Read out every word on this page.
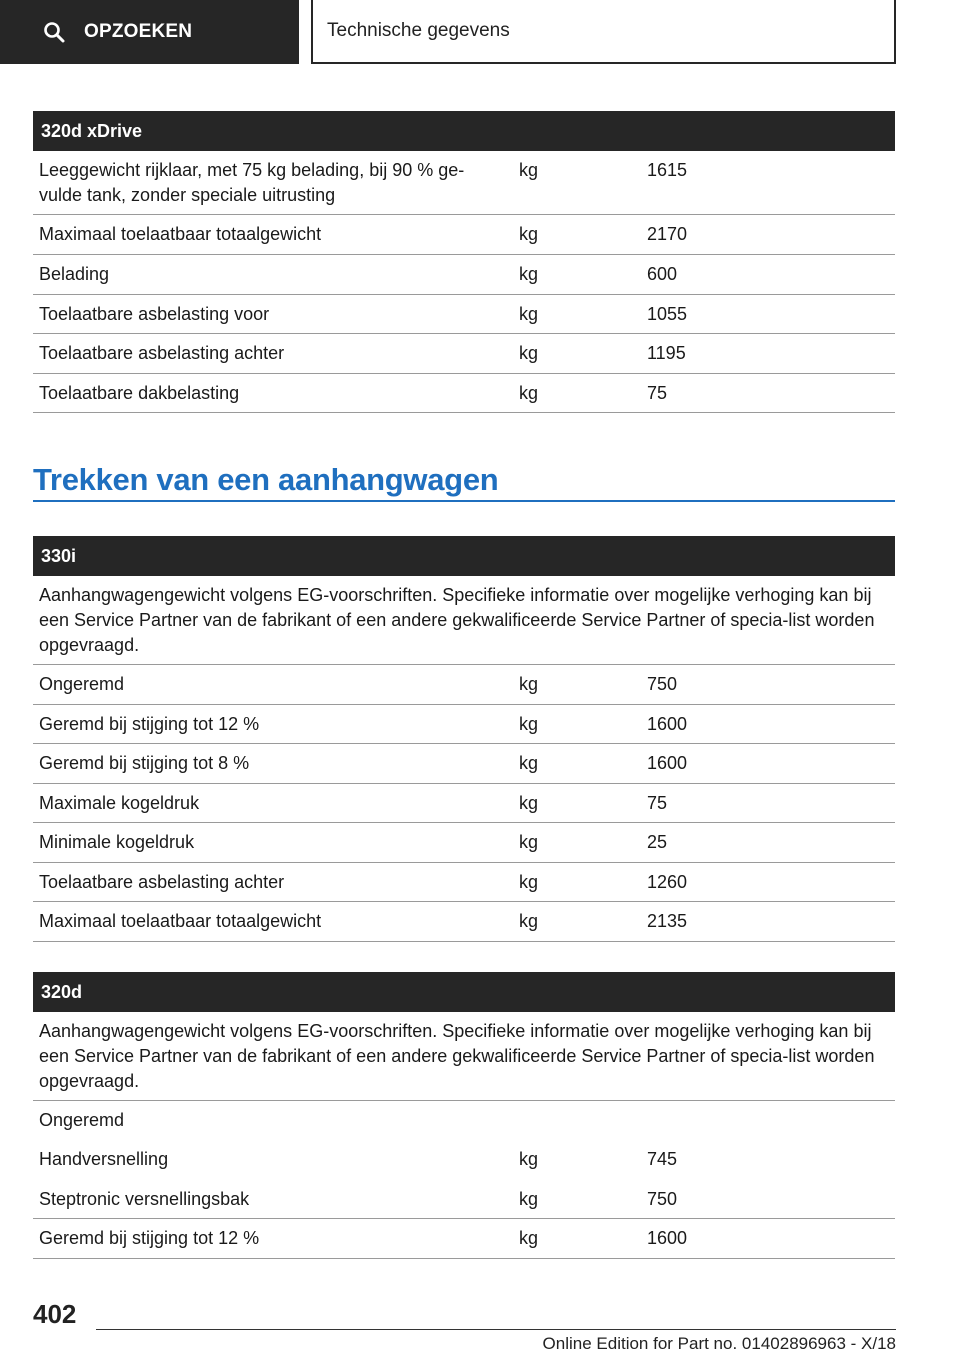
OPZOEKEN	Technische gegevens
320d xDrive
Leeggewicht rijklaar, met 75 kg belading, bij 90 % ge-
vulde tank, zonder speciale uitrusting
kg	1615
Maximaal toelaatbaar totaalgewicht	kg	2170
Belading	kg	600
Toelaatbare asbelasting voor	kg	1055
Toelaatbare asbelasting achter	kg	1195
Toelaatbare dakbelasting	kg	75
Trekken van een aanhangwagen
330i
Aanhangwagengewicht volgens EG-voorschriften. Specifieke informatie over mogelijke verhoging kan bij een Service Partner van de fabrikant of een andere gekwalificeerde Service Partner of specia-list worden opgevraagd.
Ongeremd	kg	750
Geremd bij stijging tot 12 %	kg	1600
Geremd bij stijging tot 8 %	kg	1600
Maximale kogeldruk	kg	75
Minimale kogeldruk	kg	25
Toelaatbare asbelasting achter	kg	1260
Maximaal toelaatbaar totaalgewicht	kg	2135
320d
Aanhangwagengewicht volgens EG-voorschriften. Specifieke informatie over mogelijke verhoging kan bij een Service Partner van de fabrikant of een andere gekwalificeerde Service Partner of specia-list worden opgevraagd.
Ongeremd
Handversnelling	kg	745
Steptronic versnellingsbak	kg	750
Geremd bij stijging tot 12 %	kg	1600
402
Online Edition for Part no. 01402896963 - X/18
